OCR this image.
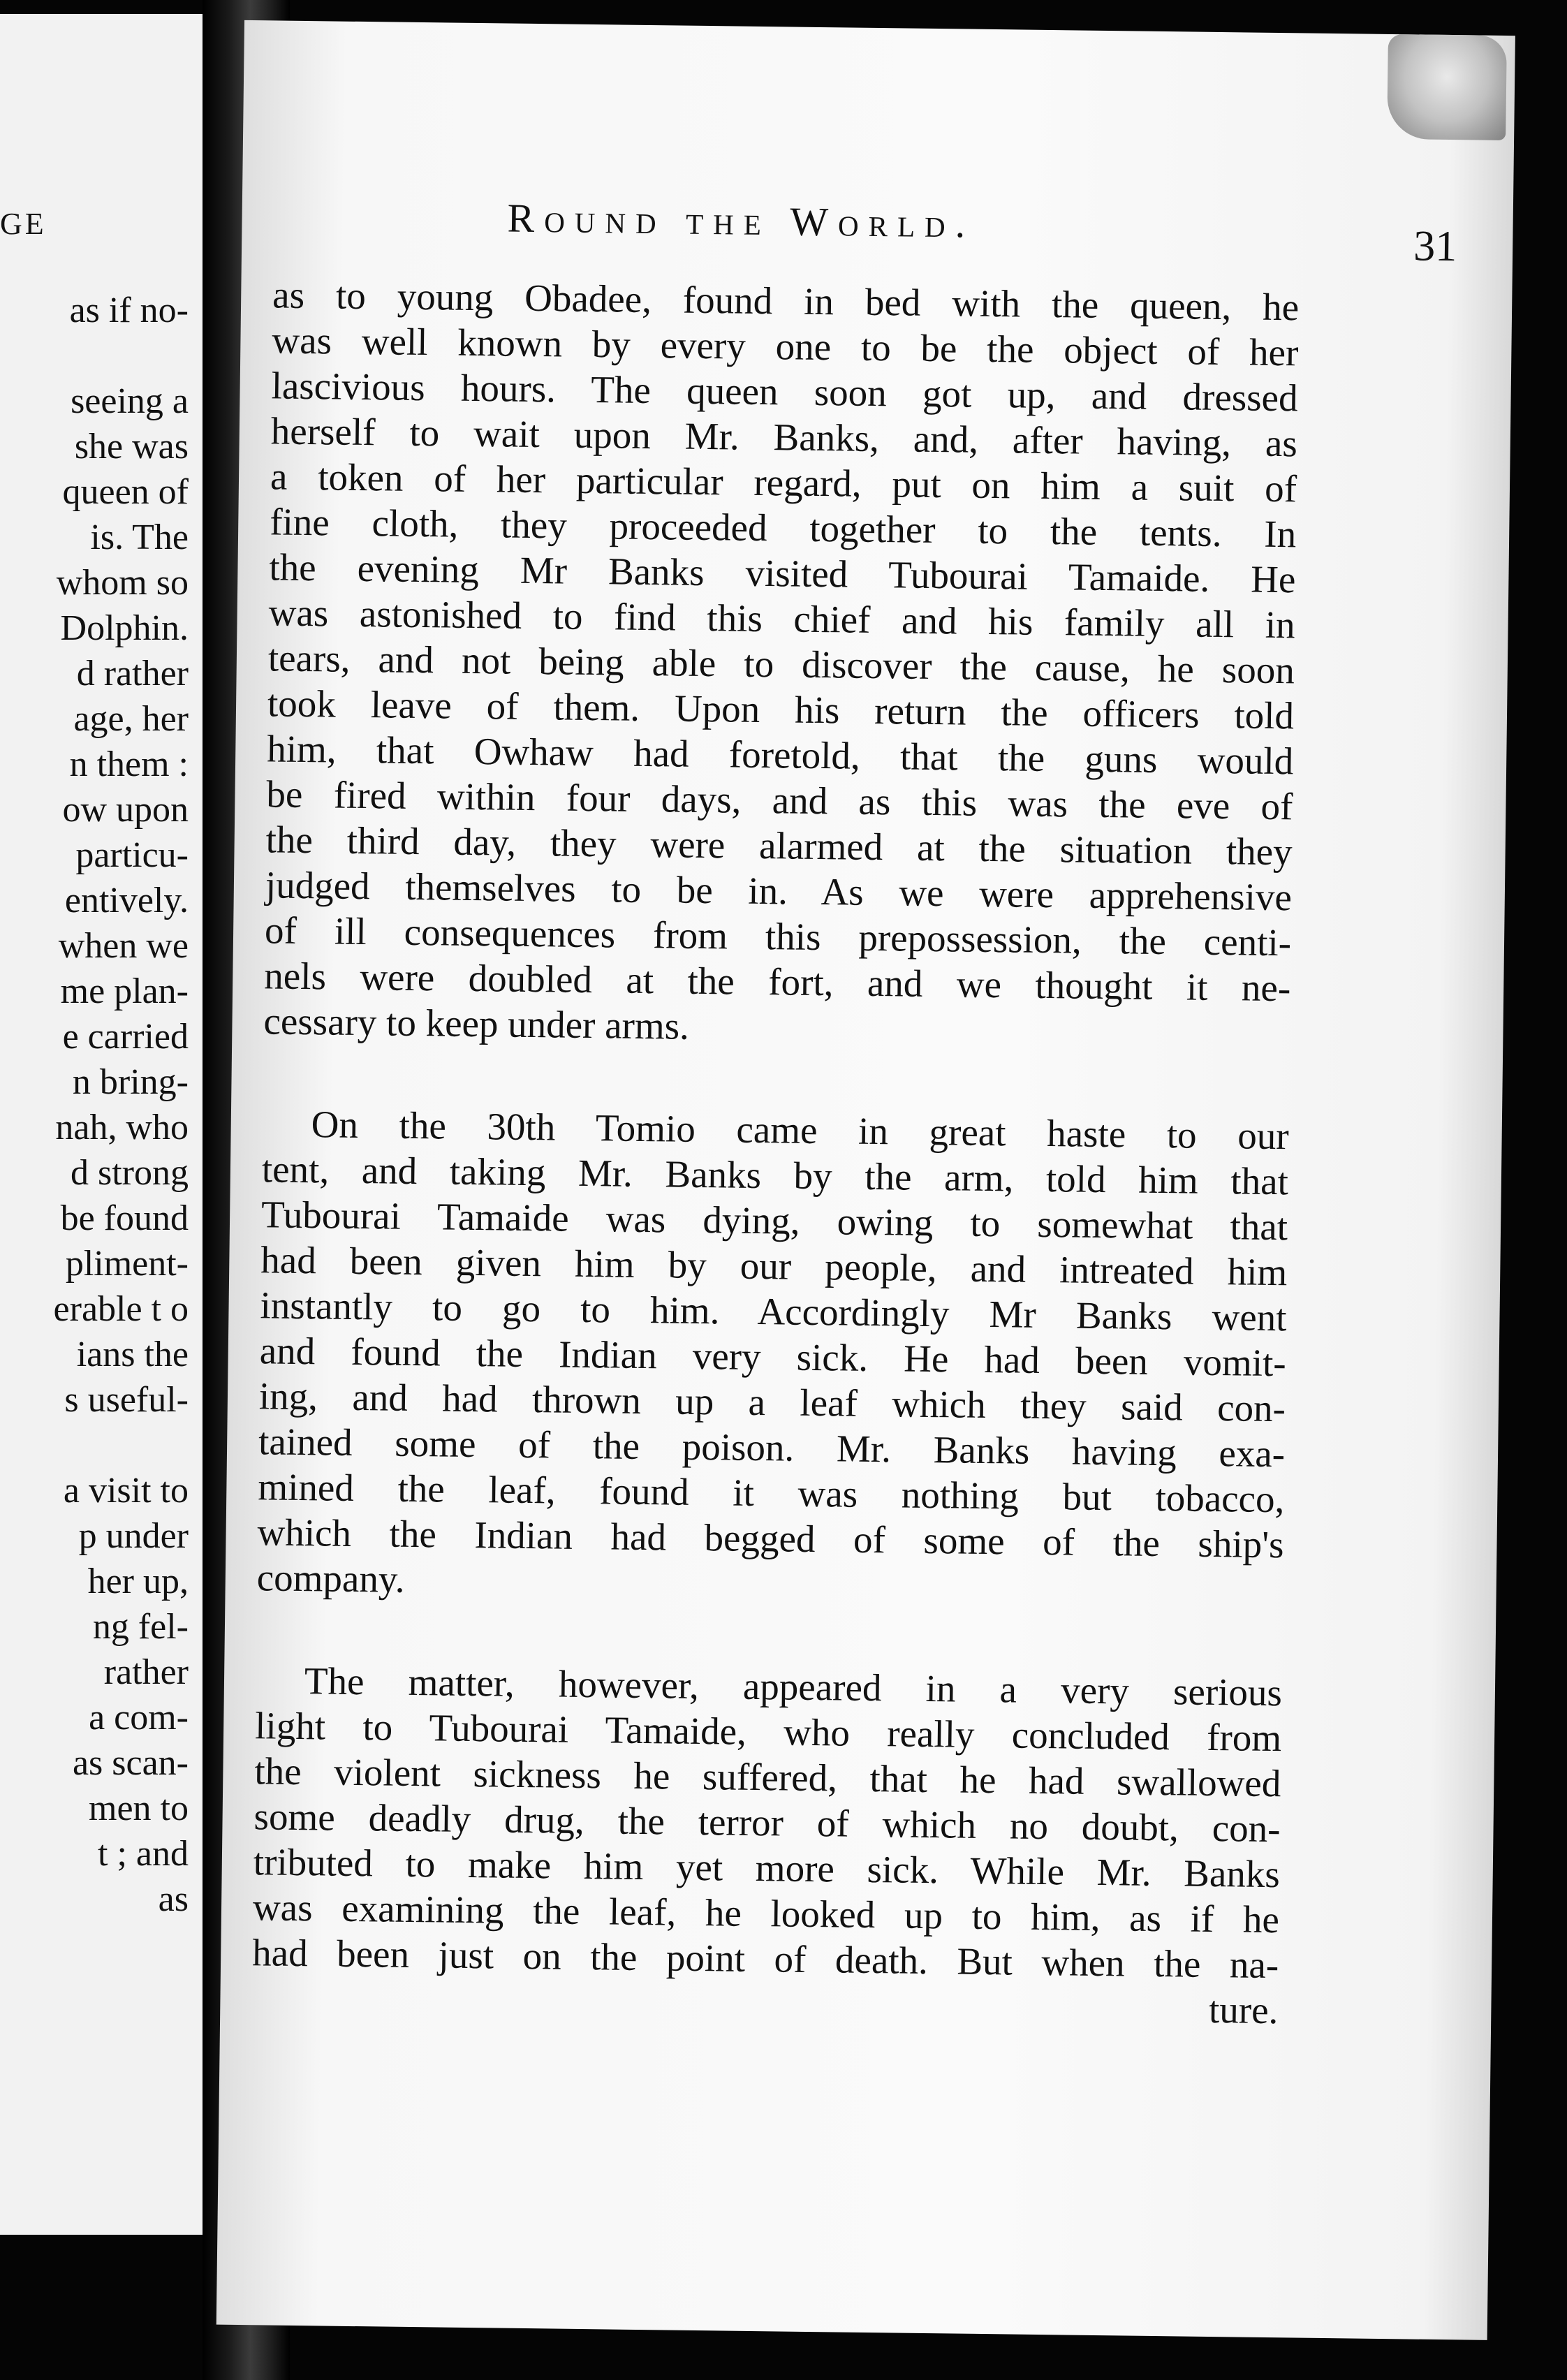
GE
as if no-
seeing a
she was
queen of
is. The
whom so
Dolphin.
d rather
age, her
n them :
ow upon
particu-
entively.
when we
me plan-
e carried
n bring-
nah, who
d strong
be found
pliment-
erable t o
ians the
s useful-
a visit to
p under
her up,
ng fel-
rather
a com-
as scan-
men to
t ; and
as
Round the World.
31
as to young Obadee, found in bed with the queen, he
was well known by every one to be the object of her
lascivious hours. The queen soon got up, and dressed
herself to wait upon Mr. Banks, and, after having, as
a token of her particular regard, put on him a suit of
fine cloth, they proceeded together to the tents. In
the evening Mr Banks visited Tubourai Tamaide. He
was astonished to find this chief and his family all in
tears, and not being able to discover the cause, he soon
took leave of them. Upon his return the officers told
him, that Owhaw had foretold, that the guns would
be fired within four days, and as this was the eve of
the third day, they were alarmed at the situation they
judged themselves to be in. As we were apprehensive
of ill consequences from this prepossession, the centi-
nels were doubled at the fort, and we thought it ne-
cessary to keep under arms.
On the 30th Tomio came in great haste to our
tent, and taking Mr. Banks by the arm, told him that
Tubourai Tamaide was dying, owing to somewhat that
had been given him by our people, and intreated him
instantly to go to him. Accordingly Mr Banks went
and found the Indian very sick. He had been vomit-
ing, and had thrown up a leaf which they said con-
tained some of the poison. Mr. Banks having exa-
mined the leaf, found it was nothing but tobacco,
which the Indian had begged of some of the ship's
company.
The matter, however, appeared in a very serious
light to Tubourai Tamaide, who really concluded from
the violent sickness he suffered, that he had swallowed
some deadly drug, the terror of which no doubt, con-
tributed to make him yet more sick. While Mr. Banks
was examining the leaf, he looked up to him, as if he
had been just on the point of death. But when the na-
ture.
